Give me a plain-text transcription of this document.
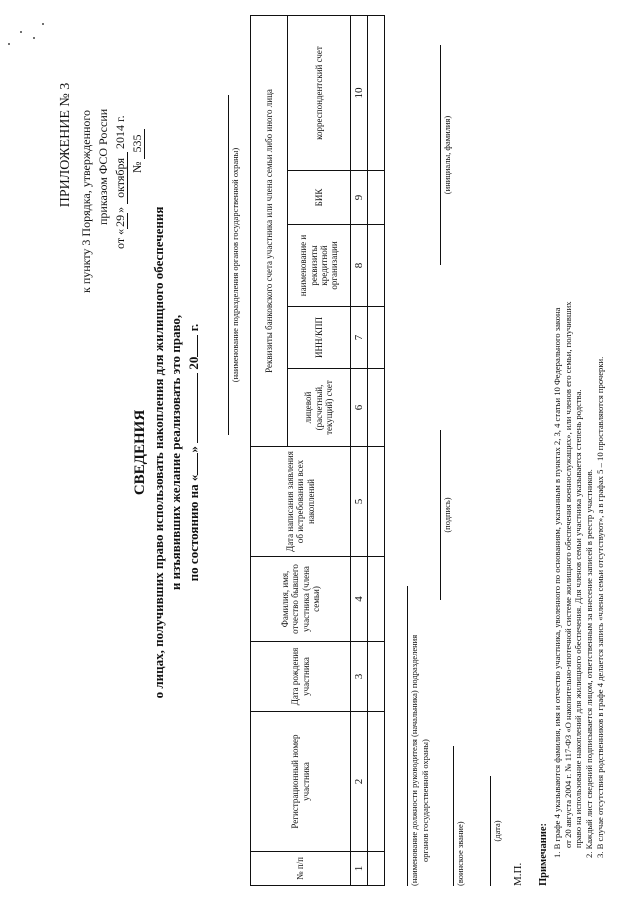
ПРИЛОЖЕНИЕ № 3 к пункту 3 Порядка, утвержденного приказом ФСО России
от «29» октября 2014 г.
№ 535
СВЕДЕНИЯ о лицах, получивших право использовать накопления для жилищного обеспечения и изъявивших желание реализовать это право, по состоянию на «»  20 г.	(наименование подразделения органов государственной охраны)
№ п/п	Регистрационный номер участника	Дата рождения участника	Фамилия, имя, отчество бывшего участника (члена семьи)	Дата написания заявления об истребовании всех накоплений	Реквизиты банковского счета участника или члена семьи либо иного лица				
					лицевой (расчетный, текущий) счет	ИНН/КПП	наименование и реквизиты кредитной организации	БИК	корреспондентский счет
1	2	3	4	5	6	7	8	9	10

(наименование должности руководителя (начальника) подразделения органов государственной охраны)	(воинское звание)
(подпись)
(инициалы, фамилия)
(дата)
М.П. Примечание: 1. В графе 4 указываются фамилия, имя и отчество участника, уволенного по основаниям, указанным в пунктах 2, 3, 4 статьи 10 Федерального закона от 20 августа 2004 г. № 117-ФЗ «О накопительно-ипотечной системе жилищного обеспечения военнослужащих», или членов его семьи, получивших право на использование накоплений для жилищного обеспечения. Для членов семьи участника указывается степень родства. 2. Каждый лист сведений подписывается лицом, ответственным за внесение записей в реестр участников. 3. В случае отсутствия родственников в графе 4 делается запись «члены семьи отсутствуют», а в графах 5 – 10 проставляются прочерки.
